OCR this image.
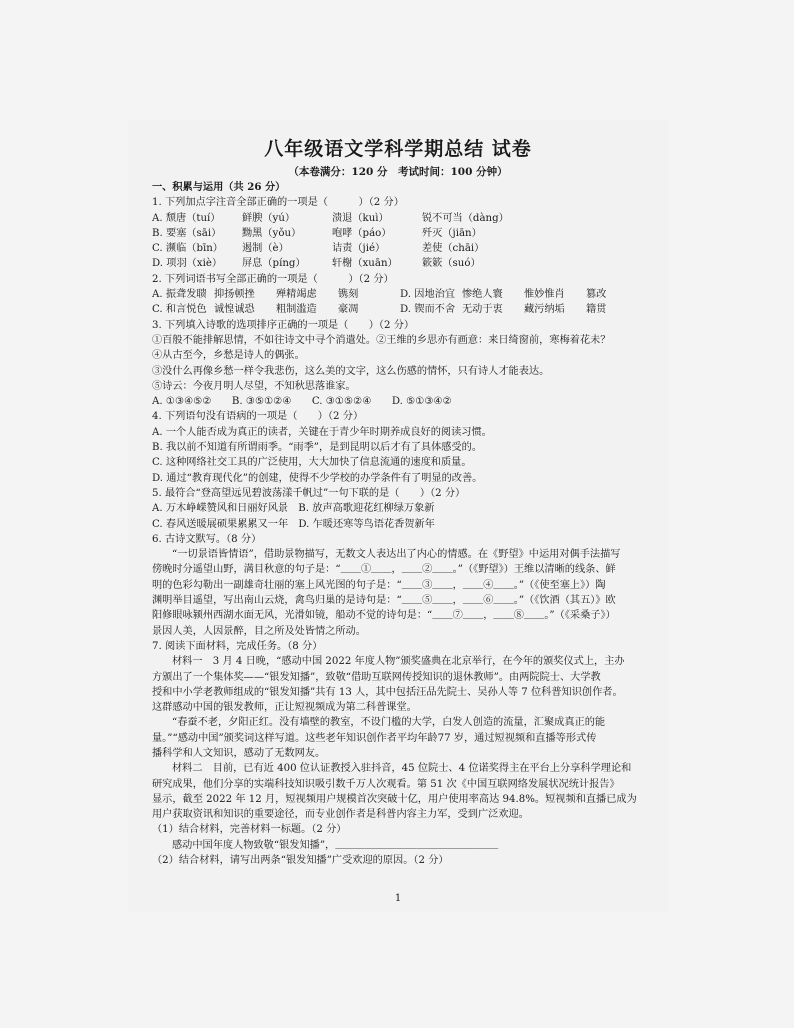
八年级语文学科学期总结 试卷
（本卷满分：120 分　考试时间：100 分钟）
一、积累与运用（共 26 分）
1. 下列加点字注音全部正确的一项是（　　　）（2 分）
A. 颓唐（tuí） 鲜腴（yú）	溃退（kuì）	锐不可当（dàng）
B. 要塞（sāi） 黝黑（yǒu）	咆哮（páo）	歼灭（jiān）
C. 濒临（bīn） 遏制（è）	诘责（jié）	差使（chāi）
D. 项羽（xiè） 屏息（píng）	轩榭（xuān） 簌簌（suó）
2. 下列词语书写全部正确的一项是（　　　）（2 分）
A. 振聋发聩 抑扬顿挫 殚精竭虑 镌刻	D. 因地治宜 惨绝人寰 惟妙惟肖 篡改
C. 和言悦色 诚惶诚恐 粗制滥造 豪凋	D. 锲而不舍 无动于衷 藏污纳垢 籍贯
3. 下列填入诗歌的选项排序正确的一项是（　　）（2 分）
①百般不能排解思情，不如往诗文中寻个消遣处。②王维的乡思亦有画意：来日绮窗前，寒梅着花未？
④从古至今，乡愁是诗人的偶张。
③没什么再像乡愁一样令我悲伤，这么美的文字，这么伤感的情怀，只有诗人才能表达。
⑤诗云：今夜月明人尽望，不知秋思落谁家。
A. ①③④⑤②　　B. ③⑤①②④　　C. ③①⑤②④　　D. ⑤①③④②
4. 下列语句没有语病的一项是（　　）（2 分）
A. 一个人能否成为真正的读者，关键在于青少年时期养成良好的阅读习惯。
B. 我以前不知道有所谓雨季。“雨季”，是到昆明以后才有了具体感受的。
C. 这种网络社交工具的广泛使用，大大加快了信息流通的速度和质量。
D. 通过“教育现代化”的创建，使得不少学校的办学条件有了明显的改善。
5. 最符合“登高望远见碧波荡漾千帆过”一句下联的是（　　）（2 分）
A. 万木峥嵘赞风和日丽好风景　B. 放声高歌迎花红柳绿万象新
C. 春风送暖展硕果累累又一年　D. 乍暖还寒等鸟语花香贺新年
6. 古诗文默写。（8 分）
“一切景语皆情语”，借助景物描写，无数文人表达出了内心的情感。在《野望》中运用对偶手法描写
傍晚时分遥望山野，满目秋意的句子是：“＿＿①＿＿，＿＿②＿＿。”（《野望》）王维以清晰的线条、鲜
明的色彩勾勒出一副雄奇壮丽的塞上风光图的句子是：“＿＿③＿＿，＿＿④＿＿。”（《使至塞上》）陶
渊明举目遥望，写出南山云烧，禽鸟归巢的是诗句是：“＿＿⑤＿＿，＿＿⑥＿＿。”（《饮酒（其五）》欧
阳修眼咏颍州西湖水面无风，光滑如镜，船动不觉的诗句是：“＿＿⑦＿＿，＿＿⑧＿＿。”（《采桑子》）
景因人美，人因景醉，目之所及处皆情之所动。
7. 阅读下面材料，完成任务。（8 分）
材料一　3 月 4 日晚，“感动中国 2022 年度人物”颁奖盛典在北京举行，在今年的颁奖仪式上，主办
方颁出了一个集体奖——“银发知播”，致敬“借助互联网传授知识的退休教师”。由两院院士、大学教
授和中小学老教师组成的“银发知播”共有 13 人，其中包括汪品先院士、吴孙人等 7 位科普知识创作者。
这群感动中国的银发教师，正让短视频成为第二科普课堂。
“春蚕不老，夕阳正红。没有墙壁的教室，不设门槛的大学，白发人创造的流量，汇聚成真正的能
量。”“感动中国”颁奖词这样写道。这些老年知识创作者平均年龄77 岁，通过短视频和直播等形式传
播科学和人文知识，感动了无数网友。
材料二　目前，已有近 400 位认证教授入驻抖音，45 位院士、4 位诺奖得主在平台上分享科学理论和
研究成果，他们分享的实端科技知识吸引数千万人次观看。第 51 次《中国互联网络发展状况统计报告》
显示，截至 2022 年 12 月，短视频用户规模首次突破十亿，用户使用率高达 94.8%。短视频和直播已成为
用户获取资讯和知识的重要途径，而专业创作者是科普内容主力军，受到广泛欢迎。
（1）结合材料，完善材料一标题。（2 分）
感动中国年度人物致敬“银发知播”，＿＿＿＿＿＿＿＿＿＿＿＿＿＿＿＿
（2）结合材料，请写出两条“银发知播”广受欢迎的原因。（2 分）
1
